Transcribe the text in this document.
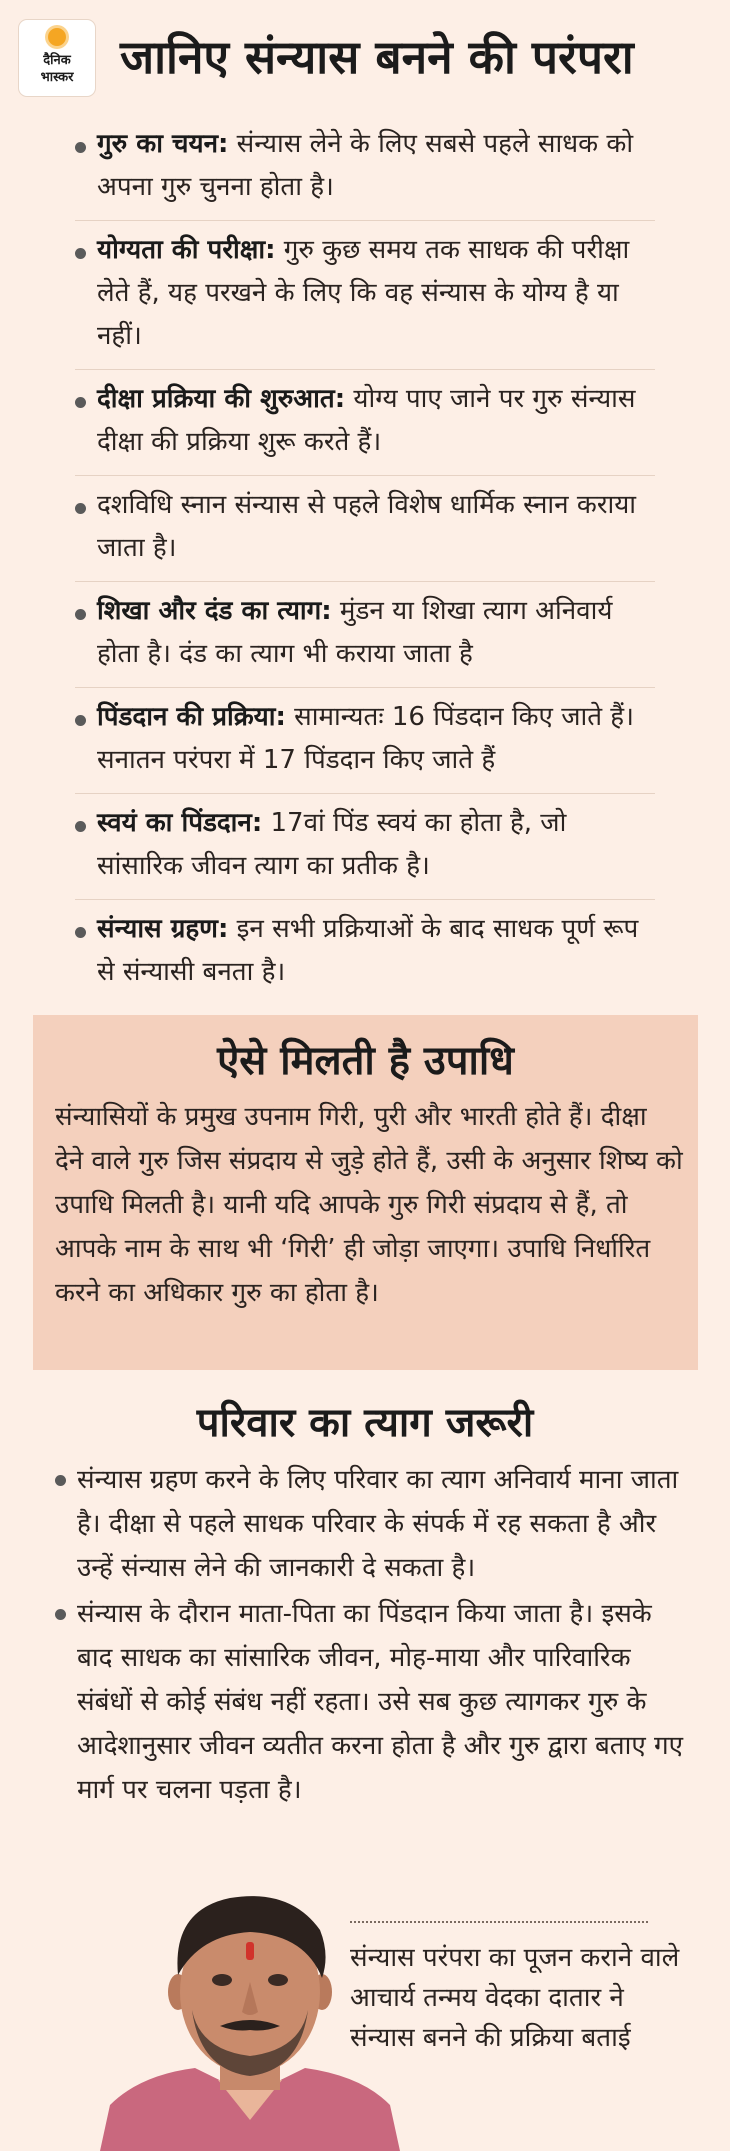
दैनिक
भास्कर	जानिए संन्यास बनने की परंपरा
गुरु का चयन: संन्यास लेने के लिए सबसे पहले साधक को अपना गुरु चुनना होता है।
योग्यता की परीक्षा: गुरु कुछ समय तक साधक की परीक्षा लेते हैं, यह परखने के लिए कि वह संन्यास के योग्य है या नहीं।
दीक्षा प्रक्रिया की शुरुआत: योग्य पाए जाने पर गुरु संन्यास दीक्षा की प्रक्रिया शुरू करते हैं।
दशविधि स्नान संन्यास से पहले विशेष धार्मिक स्नान कराया जाता है।
शिखा और दंड का त्याग: मुंडन या शिखा त्याग अनिवार्य होता है। दंड का त्याग भी कराया जाता है
पिंडदान की प्रक्रिया: सामान्यतः 16 पिंडदान किए जाते हैं। सनातन परंपरा में 17 पिंडदान किए जाते हैं
स्वयं का पिंडदान: 17वां पिंड स्वयं का होता है, जो सांसारिक जीवन त्याग का प्रतीक है।
संन्यास ग्रहण: इन सभी प्रक्रियाओं के बाद साधक पूर्ण रूप से संन्यासी बनता है।
ऐसे मिलती है उपाधि
संन्यासियों के प्रमुख उपनाम गिरी, पुरी और भारती होते हैं। दीक्षा देने वाले गुरु जिस संप्रदाय से जुड़े होते हैं, उसी के अनुसार शिष्य को उपाधि मिलती है। यानी यदि आपके गुरु गिरी संप्रदाय से हैं, तो आपके नाम के साथ भी ‘गिरी’ ही जोड़ा जाएगा। उपाधि निर्धारित करने का अधिकार गुरु का होता है।
परिवार का त्याग जरूरी
संन्यास ग्रहण करने के लिए परिवार का त्याग अनिवार्य माना जाता है। दीक्षा से पहले साधक परिवार के संपर्क में रह सकता है और उन्हें संन्यास लेने की जानकारी दे सकता है।
संन्यास के दौरान माता-पिता का पिंडदान किया जाता है। इसके बाद साधक का सांसारिक जीवन, मोह-माया और पारिवारिक संबंधों से कोई संबंध नहीं रहता। उसे सब कुछ त्यागकर गुरु के आदेशानुसार जीवन व्यतीत करना होता है और गुरु द्वारा बताए गए मार्ग पर चलना पड़ता है।
संन्यास परंपरा का पूजन कराने वाले आचार्य तन्मय वेदका दातार ने संन्यास बनने की प्रक्रिया बताई
